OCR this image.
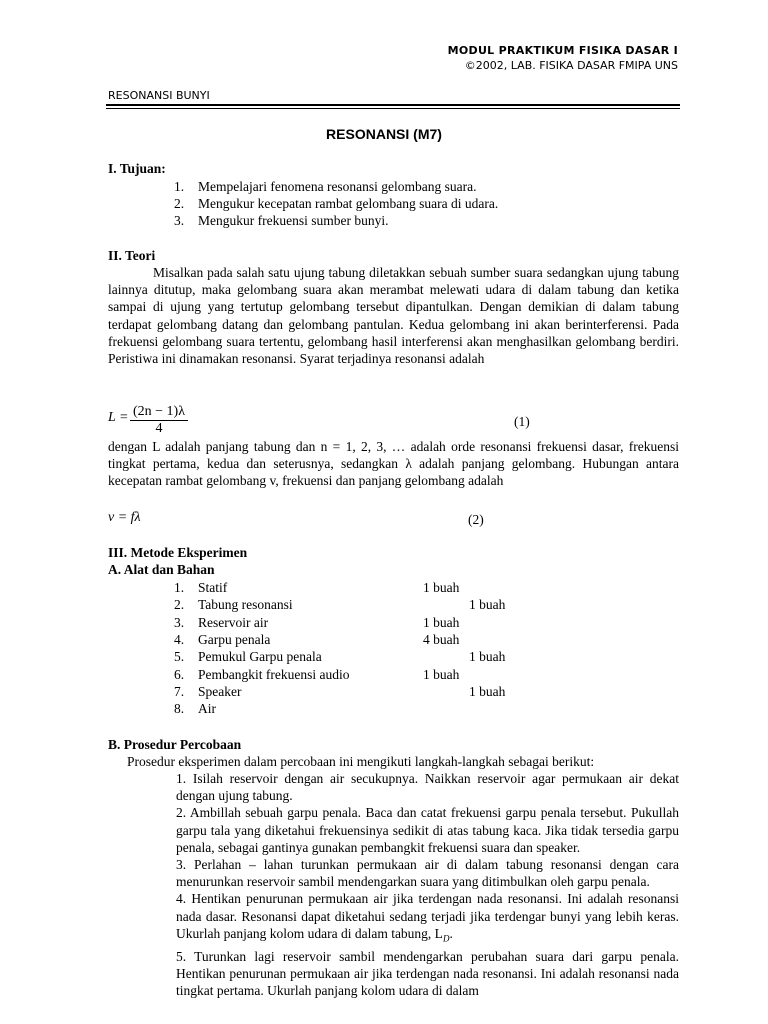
MODUL PRAKTIKUM FISIKA DASAR I
©2002, LAB. FISIKA DASAR FMIPA UNS
RESONANSI BUNYI
RESONANSI (M7)
I. Tujuan:
1. Mempelajari fenomena resonansi gelombang suara.
2. Mengukur kecepatan rambat gelombang suara di udara.
3. Mengukur frekuensi sumber bunyi.
II. Teori
Misalkan pada salah satu ujung tabung diletakkan sebuah sumber suara sedangkan ujung tabung lainnya ditutup, maka gelombang suara akan merambat melewati udara di dalam tabung dan ketika sampai di ujung yang tertutup gelombang tersebut dipantulkan. Dengan demikian di dalam tabung terdapat gelombang datang dan gelombang pantulan. Kedua gelombang ini akan berinterferensi. Pada frekuensi gelombang suara tertentu, gelombang hasil interferensi akan menghasilkan gelombang berdiri. Peristiwa ini dinamakan resonansi. Syarat terjadinya resonansi adalah
L = (2n − 1)λ
4	(1)
dengan L adalah panjang tabung dan n = 1, 2, 3, … adalah orde resonansi frekuensi dasar, frekuensi tingkat pertama, kedua dan seterusnya, sedangkan λ adalah panjang gelombang. Hubungan antara kecepatan rambat gelombang v, frekuensi dan panjang gelombang adalah
v = fλ	(2)
III. Metode Eksperimen
A. Alat dan Bahan
1. Statif	1 buah
2. Tabung resonansi	1 buah
3. Reservoir air	1 buah
4. Garpu penala	4 buah
5. Pemukul Garpu penala	1 buah
6. Pembangkit frekuensi audio	1 buah
7. Speaker	1 buah
8. Air
B. Prosedur Percobaan
Prosedur eksperimen dalam percobaan ini mengikuti langkah-langkah sebagai berikut:

1. Isilah reservoir dengan air secukupnya. Naikkan reservoir agar permukaan air dekat dengan ujung tabung.

2. Ambillah sebuah garpu penala. Baca dan catat frekuensi garpu penala tersebut. Pukullah garpu tala yang diketahui frekuensinya sedikit di atas tabung kaca. Jika tidak tersedia garpu penala, sebagai gantinya gunakan pembangkit frekuensi suara dan speaker.

3. Perlahan – lahan turunkan permukaan air di dalam tabung resonansi dengan cara menurunkan reservoir sambil mendengarkan suara yang ditimbulkan oleh garpu penala.

4. Hentikan penurunan permukaan air jika terdengan nada resonansi. Ini adalah resonansi nada dasar. Resonansi dapat diketahui sedang terjadi jika terdengar bunyi yang lebih keras. Ukurlah panjang kolom udara di dalam tabung, $L_D$.

5. Turunkan lagi reservoir sambil mendengarkan perubahan suara dari garpu penala. Hentikan penurunan permukaan air jika terdengan nada resonansi. Ini adalah resonansi nada tingkat pertama. Ukurlah panjang kolom udara di dalam
